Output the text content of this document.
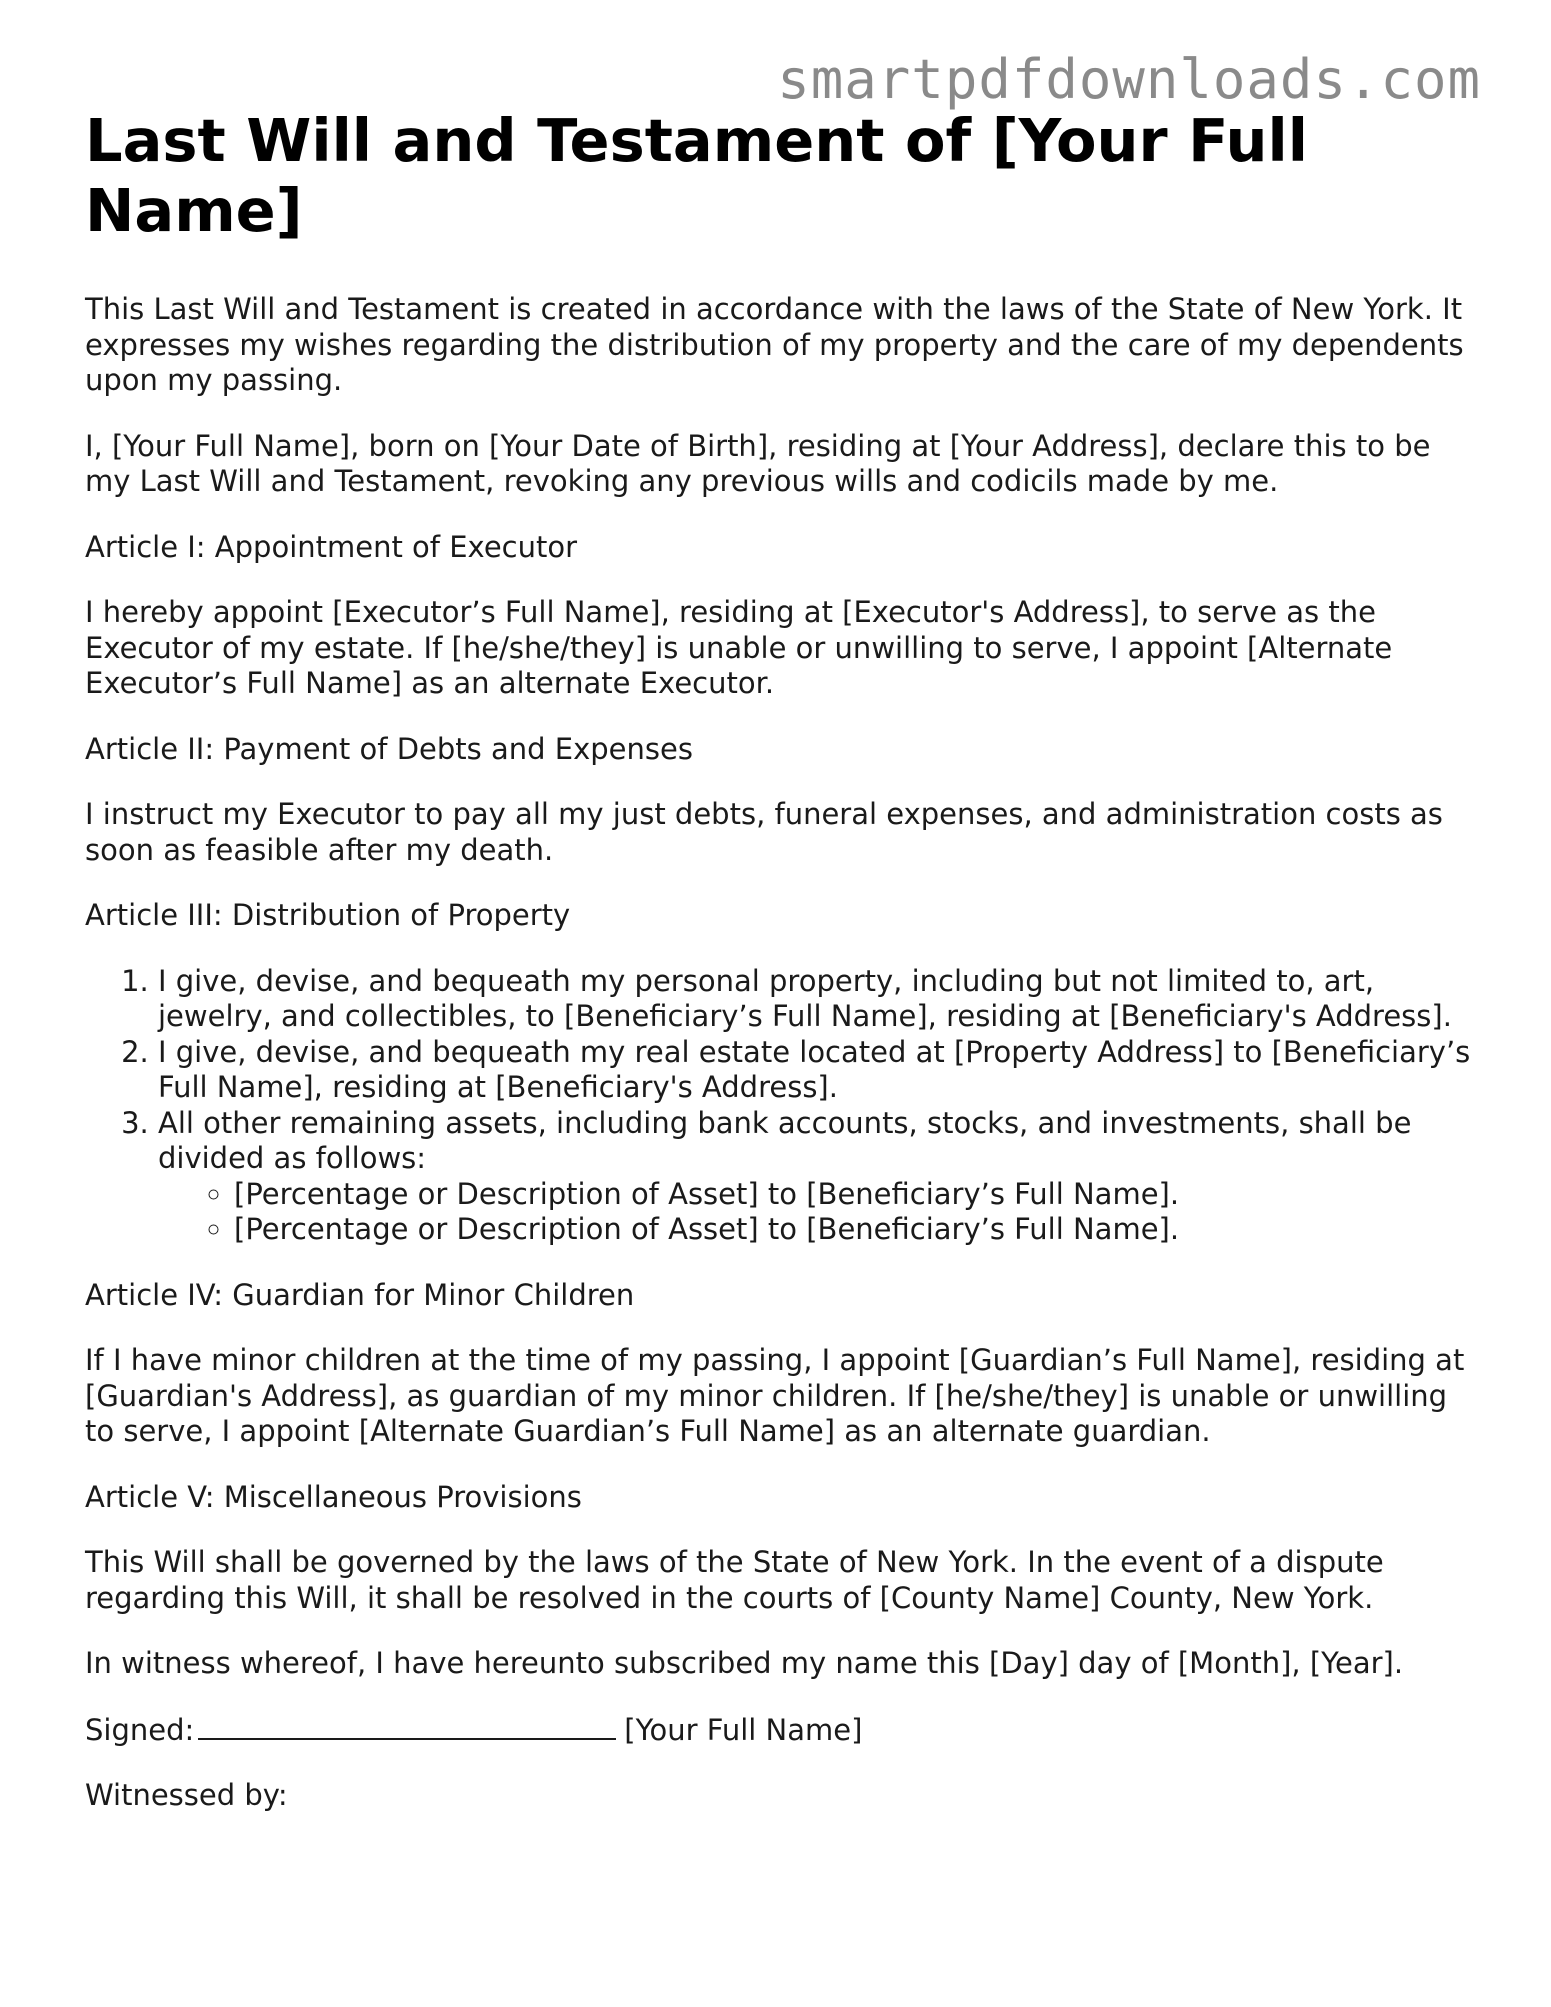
smartpdfdownloads.com
Last Will and Testament of [Your Full Name]

This Last Will and Testament is created in accordance with the laws of the State of New York. It expresses my wishes regarding the distribution of my property and the care of my dependents upon my passing.

I, [Your Full Name], born on [Your Date of Birth], residing at [Your Address], declare this to be my Last Will and Testament, revoking any previous wills and codicils made by me.

Article I: Appointment of Executor

I hereby appoint [Executor’s Full Name], residing at [Executor's Address], to serve as the Executor of my estate. If [he/she/they] is unable or unwilling to serve, I appoint [Alternate Executor’s Full Name] as an alternate Executor.

Article II: Payment of Debts and Expenses

I instruct my Executor to pay all my just debts, funeral expenses, and administration costs as soon as feasible after my death.

Article III: Distribution of Property

1. I give, devise, and bequeath my personal property, including but not limited to, art, jewelry, and collectibles, to [Beneficiary’s Full Name], residing at [Beneficiary's Address].
2. I give, devise, and bequeath my real estate located at [Property Address] to [Beneficiary’s Full Name], residing at [Beneficiary's Address].
3. All other remaining assets, including bank accounts, stocks, and investments, shall be divided as follows:
◦ [Percentage or Description of Asset] to [Beneficiary’s Full Name].
◦ [Percentage or Description of Asset] to [Beneficiary’s Full Name].

Article IV: Guardian for Minor Children

If I have minor children at the time of my passing, I appoint [Guardian’s Full Name], residing at [Guardian's Address], as guardian of my minor children. If [he/she/they] is unable or unwilling to serve, I appoint [Alternate Guardian’s Full Name] as an alternate guardian.

Article V: Miscellaneous Provisions

This Will shall be governed by the laws of the State of New York. In the event of a dispute regarding this Will, it shall be resolved in the courts of [County Name] County, New York.

In witness whereof, I have hereunto subscribed my name this [Day] day of [Month], [Year].

Signed:	[Your Full Name]

Witnessed by:
